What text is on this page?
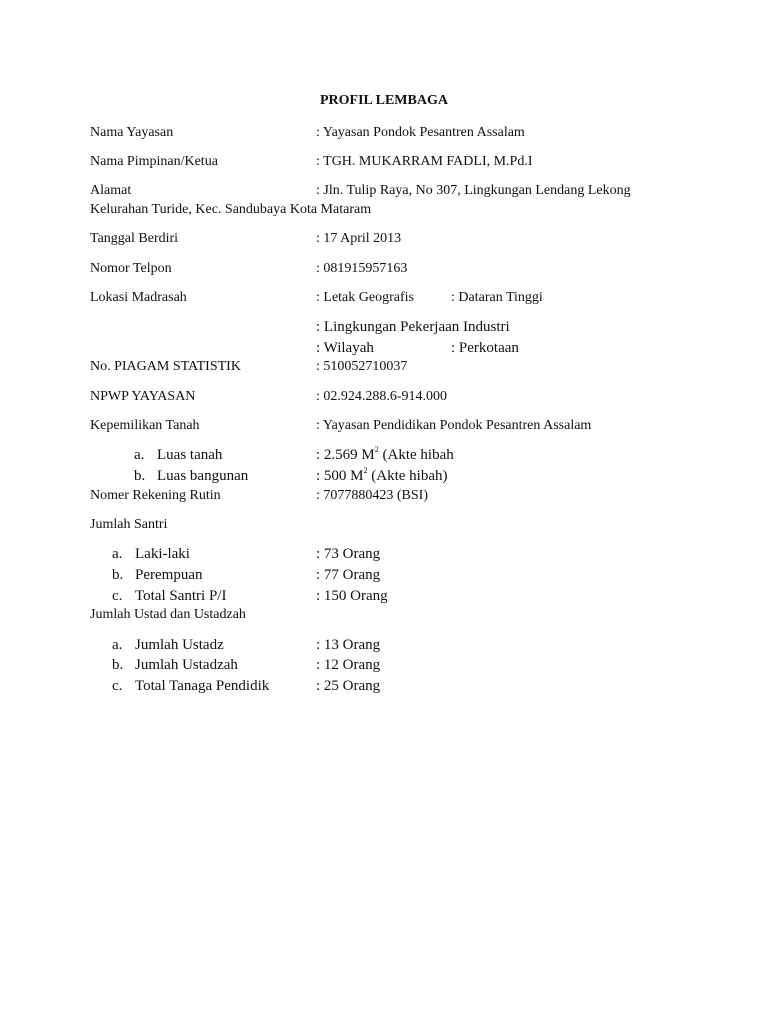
PROFIL LEMBAGA
Nama Yayasan	: Yayasan Pondok Pesantren Assalam
Nama Pimpinan/Ketua	: TGH. MUKARRAM FADLI, M.Pd.I
Alamat	: Jln. Tulip Raya, No 307, Lingkungan Lendang Lekong
Kelurahan Turide, Kec. Sandubaya Kota Mataram
Tanggal Berdiri	: 17 April 2013
Nomor Telpon	: 081915957163
Lokasi Madrasah	: Letak Geografis	: Dataran Tinggi
: Lingkungan Pekerjaan Industri
: Wilayah	: Perkotaan
No. PIAGAM STATISTIK	: 510052710037
NPWP YAYASAN	: 02.924.288.6-914.000
Kepemilikan Tanah	: Yayasan Pendidikan Pondok Pesantren Assalam
a. Luas tanah	: 2.569 $M^2$ (Akte hibah
b. Luas bangunan	: 500 $M^2$ (Akte hibah)
Nomer Rekening Rutin	: 7077880423 (BSI)
Jumlah Santri
a. Laki-laki	: 73 Orang
b. Perempuan	: 77 Orang
c. Total Santri P/I	: 150 Orang
Jumlah Ustad dan Ustadzah
a. Jumlah Ustadz	: 13 Orang
b. Jumlah Ustadzah	: 12 Orang
c. Total Tanaga Pendidik	: 25 Orang
